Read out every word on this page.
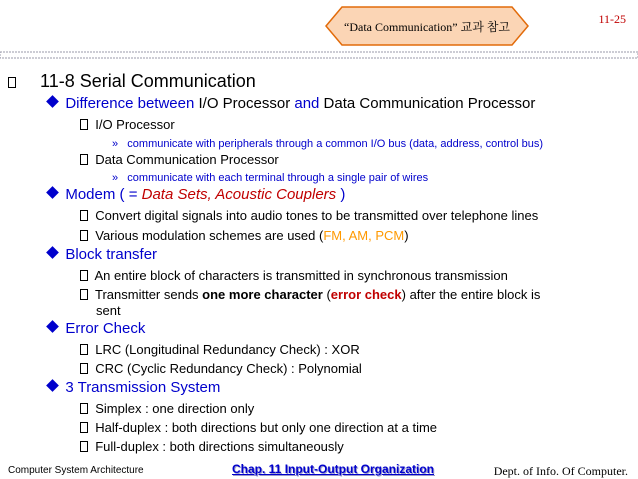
“Data Communication” 교과 참고
11-25
11-8 Serial Communication
Difference between I/O Processor and Data Communication Processor
I/O Processor
» communicate with peripherals through a common I/O bus (data, address, control bus)
Data Communication Processor
» communicate with each terminal through a single pair of wires
Modem ( = Data Sets, Acoustic Couplers )
Convert digital signals into audio tones to be transmitted over telephone lines
Various modulation schemes are used (FM, AM, PCM)
Block transfer
An entire block of characters is transmitted in synchronous transmission
Transmitter sends one more character (error check) after the entire block is
sent
Error Check
LRC (Longitudinal Redundancy Check) : XOR
CRC (Cyclic Redundancy Check) : Polynomial
3 Transmission System
Simplex : one direction only
Half-duplex : both directions but only one direction at a time
Full-duplex : both directions simultaneously
Computer System Architecture	Chap. 11 Input-Output Organization	Dept. of Info. Of Computer.
